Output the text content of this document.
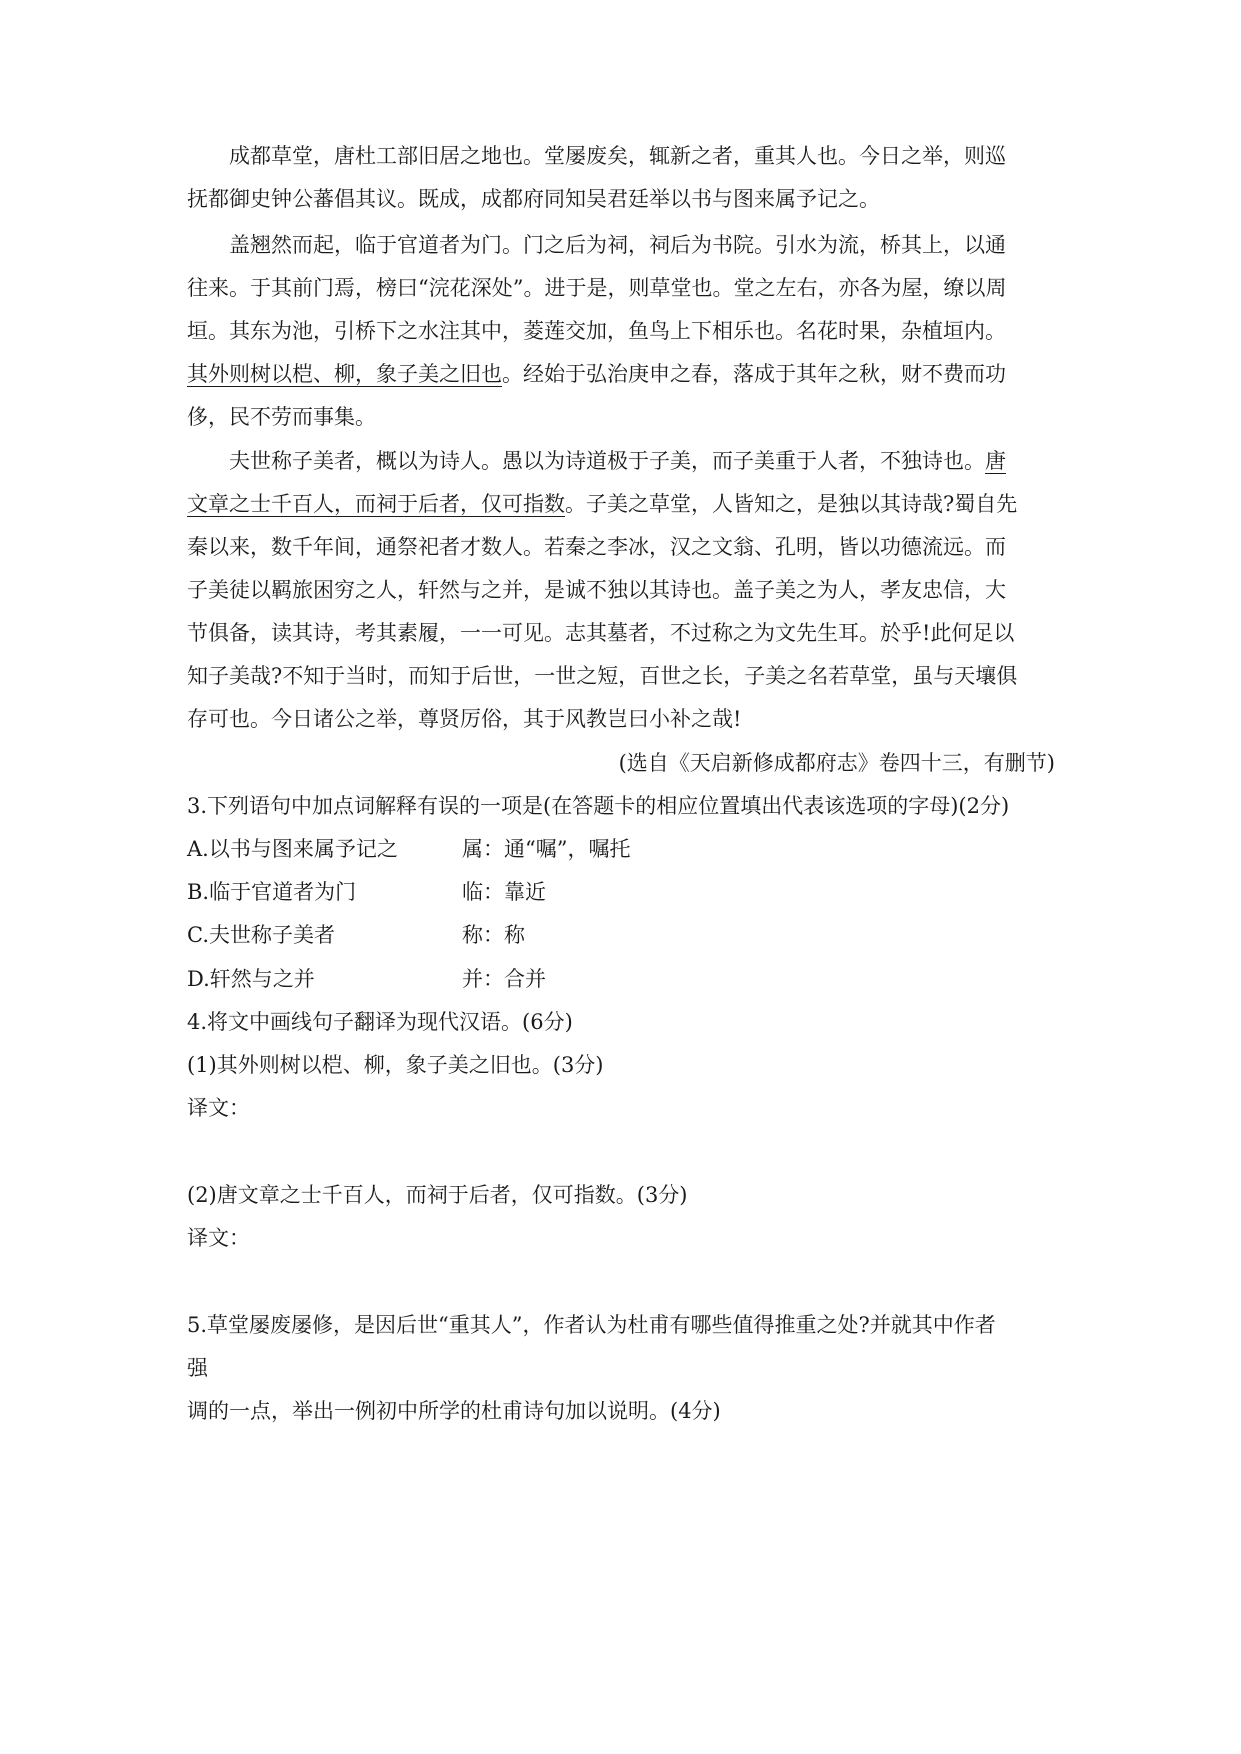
成都草堂，唐杜工部旧居之地也。堂屡废矣，辄新之者，重其人也。今日之举，则巡
抚都御史钟公蕃倡其议。既成，成都府同知吴君廷举以书与图来属予记之。
盖翘然而起，临于官道者为门。门之后为祠，祠后为书院。引水为流，桥其上，以通
往来。于其前门焉，榜曰“浣花深处”。进于是，则草堂也。堂之左右，亦各为屋，缭以周
垣。其东为池，引桥下之水注其中，菱莲交加，鱼鸟上下相乐也。名花时果，杂植垣内。
其外则树以桤、柳，象子美之旧也。经始于弘治庚申之春，落成于其年之秋，财不费而功
侈，民不劳而事集。
夫世称子美者，概以为诗人。愚以为诗道极于子美，而子美重于人者，不独诗也。唐
文章之士千百人，而祠于后者，仅可指数。子美之草堂，人皆知之，是独以其诗哉?蜀自先
秦以来，数千年间，通祭祀者才数人。若秦之李冰，汉之文翁、孔明，皆以功德流远。而
子美徒以羁旅困穷之人，轩然与之并，是诚不独以其诗也。盖子美之为人，孝友忠信，大
节俱备，读其诗，考其素履，一一可见。志其墓者，不过称之为文先生耳。於乎!此何足以
知子美哉?不知于当时，而知于后世，一世之短，百世之长，子美之名若草堂，虽与天壤俱
存可也。今日诸公之举，尊贤厉俗，其于风教岂曰小补之哉!
(选自《天启新修成都府志》卷四十三，有删节)
3.下列语句中加点词解释有误的一项是(在答题卡的相应位置填出代表该选项的字母)(2分)
A.以书与图来属予记之	属：通“嘱”，嘱托
B.临于官道者为门	临：靠近
C.夫世称子美者	称：称
D.轩然与之并	并：合并
4.将文中画线句子翻译为现代汉语。(6分)
(1)其外则树以桤、柳，象子美之旧也。(3分)
译文：
(2)唐文章之士千百人，而祠于后者，仅可指数。(3分)
译文：
5.草堂屡废屡修，是因后世“重其人”，作者认为杜甫有哪些值得推重之处?并就其中作者
强
调的一点，举出一例初中所学的杜甫诗句加以说明。(4分)
